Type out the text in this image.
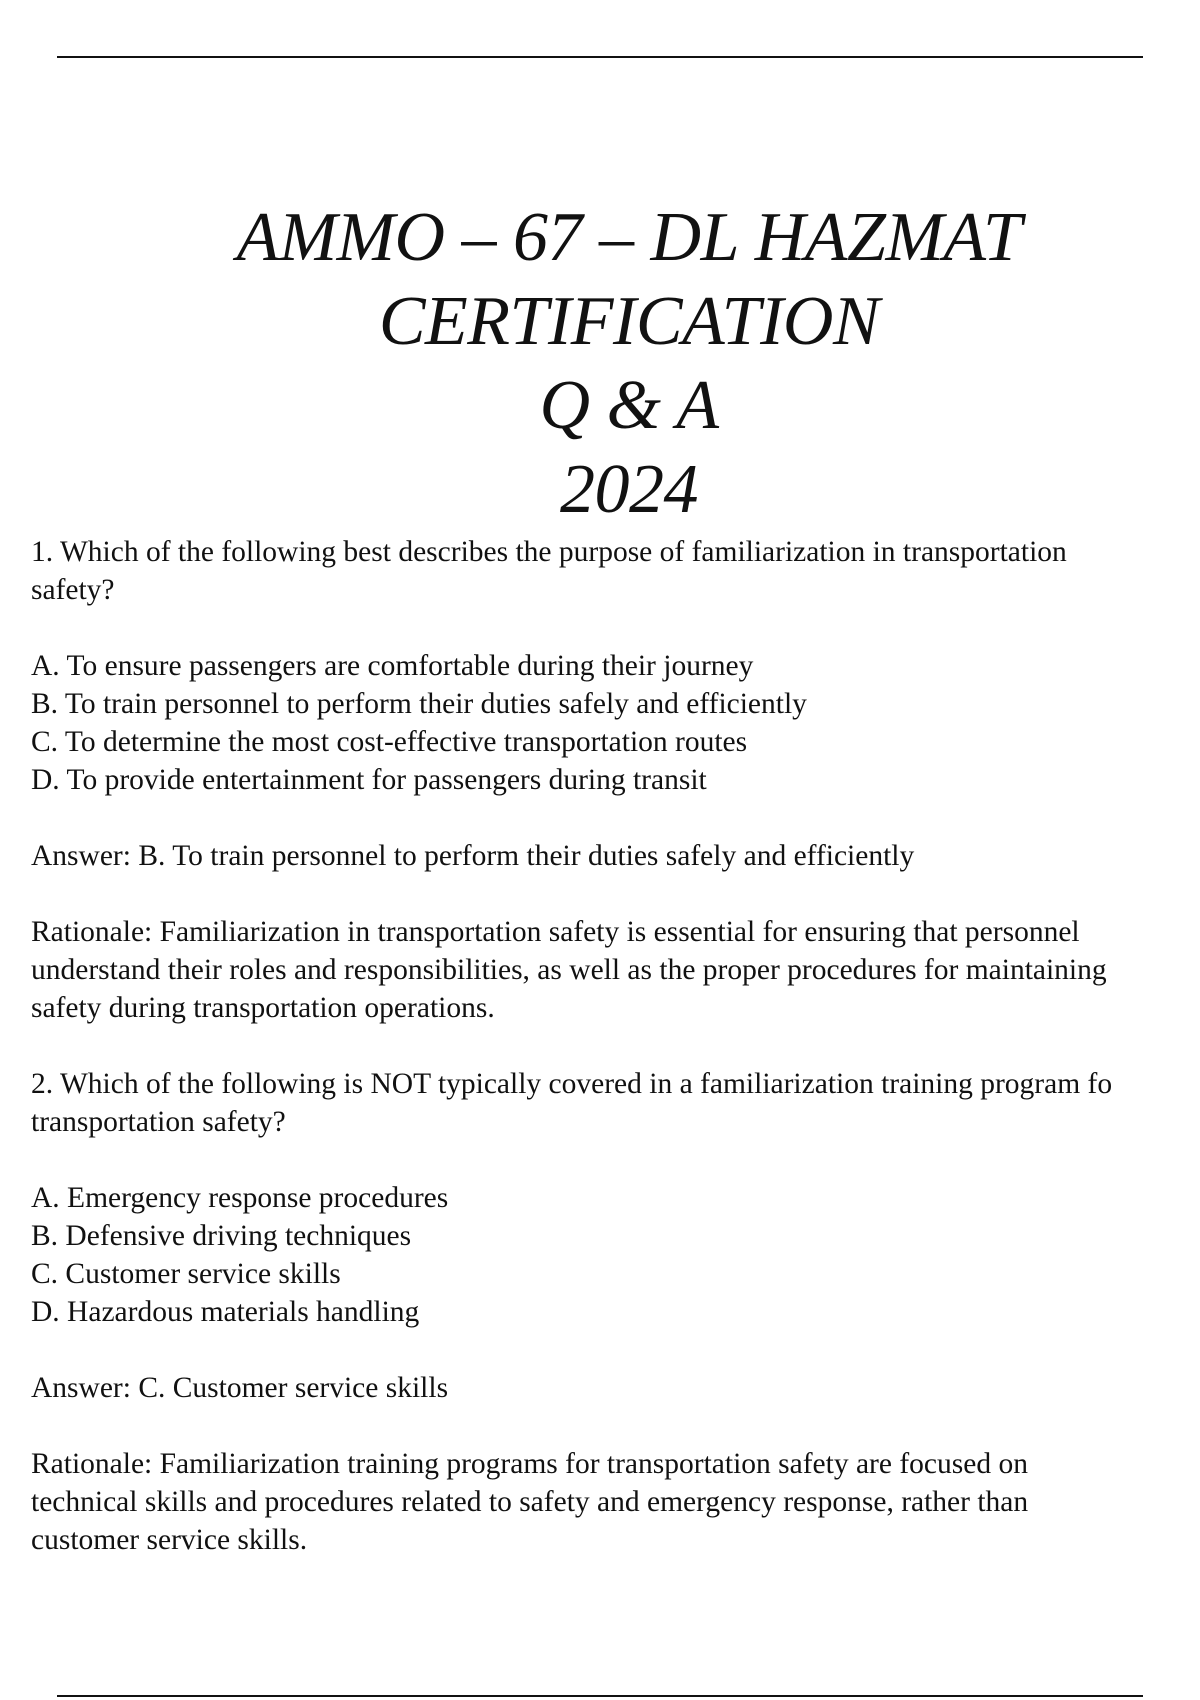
AMMO – 67 – DL HAZMAT
CERTIFICATION
Q & A
2024

1. Which of the following best describes the purpose of familiarization in transportation

safety?

A. To ensure passengers are comfortable during their journey

B. To train personnel to perform their duties safely and efficiently

C. To determine the most cost-effective transportation routes

D. To provide entertainment for passengers during transit

Answer: B. To train personnel to perform their duties safely and efficiently

Rationale: Familiarization in transportation safety is essential for ensuring that personnel

understand their roles and responsibilities, as well as the proper procedures for maintaining

safety during transportation operations.

2. Which of the following is NOT typically covered in a familiarization training program fo

transportation safety?

A. Emergency response procedures

B. Defensive driving techniques

C. Customer service skills

D. Hazardous materials handling

Answer: C. Customer service skills

Rationale: Familiarization training programs for transportation safety are focused on

technical skills and procedures related to safety and emergency response, rather than

customer service skills.
